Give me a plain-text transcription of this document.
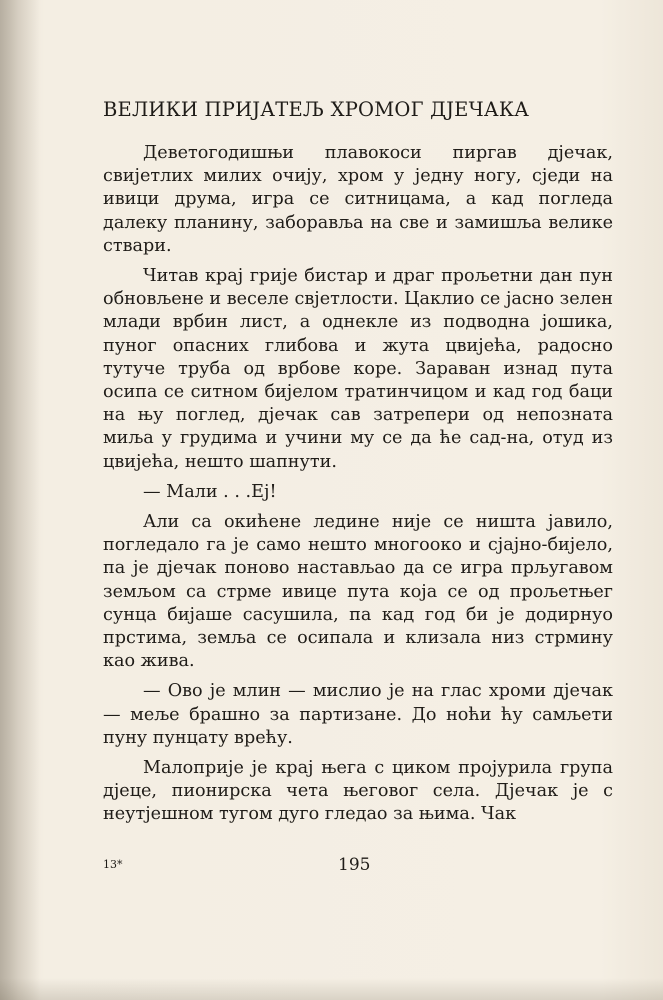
ВЕЛИКИ ПРИЈАТЕЉ ХРОМОГ ДЈЕЧАКА

Деветогодишњи плавокоси пиргав дјечак, свијетлих милих очију, хром у једну ногу, сједи на ивици друма, игра се ситницама, а кад погледа далеку планину, заборавља на све и замишља велике ствари.

Читав крај грије бистар и драг прољетни дан пун обновљене и веселе свјетлости. Цаклио се јасно зелен млади врбин лист, а однекле из подводна јошика, пуног опасних глибова и жута цвијећа, радосно тутуче труба од врбове коре. Зараван изнад пута осипа се ситном бијелом тратинчицом и кад год баци на њу поглед, дјечак сав затрепери од непозната миља у грудима и учини му се да ће сад-на, отуд из цвијећа, нешто шапнути.

— Мали . . .Ej!

Али са окићене ледине није се ништа јавило, погледало га је само нешто многооко и сјајно-бијело, па је дјечак поново настављао да се игра прљугавом земљом са стрме ивице пута која се од прољетњег сунца бијаше сасушила, па кад год би је додирнуо прстима, земља се осипала и клизала низ стрмину као жива.

— Ово је млин — мислио је на глас хроми дјечак — меље брашно за партизане. До ноћи ћу самљети пуну пунцату врећу.

Малоприје је крај њега с циком пројурила група дјеце, пионирска чета његовог села. Дјечак је с неутјешном тугом дуго гледао за њима. Чак

13*	195
